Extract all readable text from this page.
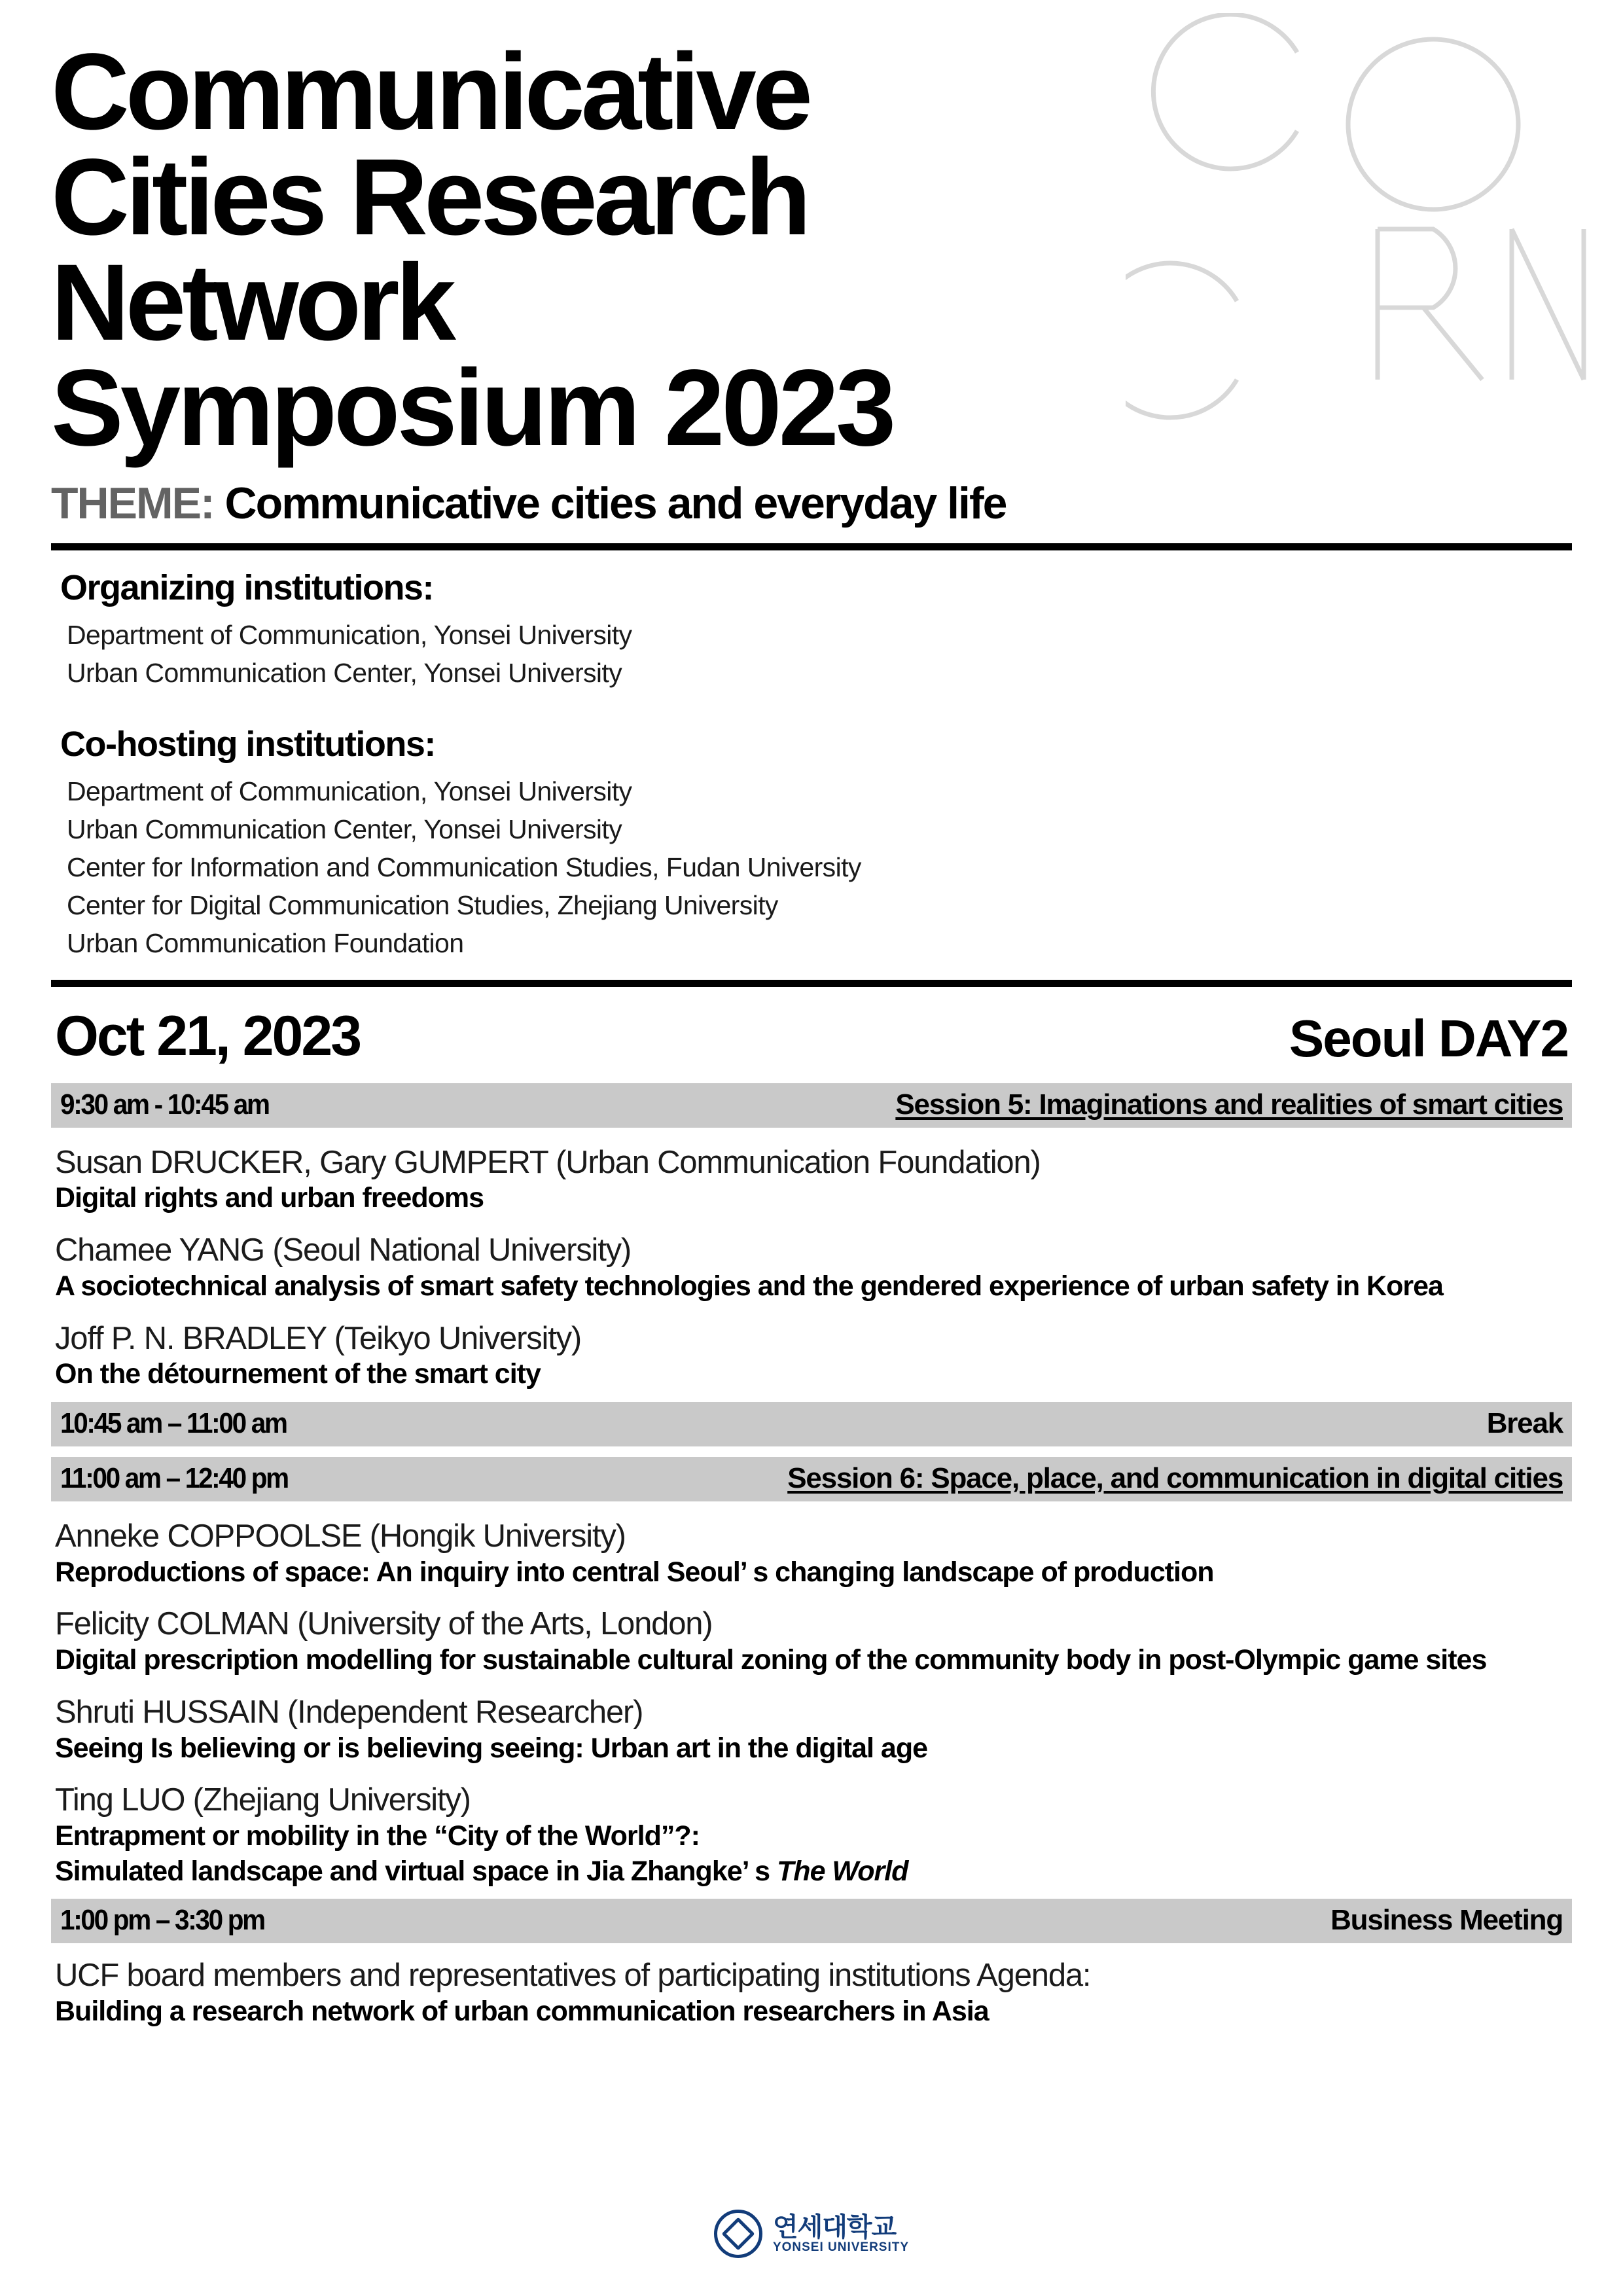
Communicative
Cities Research
Network
Symposium 2023
THEME: Communicative cities and everyday life
Organizing institutions:
Department of Communication, Yonsei University
Urban Communication Center, Yonsei University
Co-hosting institutions:
Department of Communication, Yonsei University
Urban Communication Center, Yonsei University
Center for Information and Communication Studies, Fudan University
Center for Digital Communication Studies, Zhejiang University
Urban Communication Foundation
Oct 21, 2023	Seoul DAY2
9:30 am - 10:45 am	Session 5: Imaginations and realities of smart cities
Susan DRUCKER, Gary GUMPERT (Urban Communication Foundation)
Digital rights and urban freedoms
Chamee YANG (Seoul National University)
A sociotechnical analysis of smart safety technologies and the gendered experience of urban safety in Korea
Joff P. N. BRADLEY (Teikyo University)
On the détournement of the smart city
10:45 am – 11:00 am	Break
11:00 am – 12:40 pm	Session 6: Space, place, and communication in digital cities
Anneke COPPOOLSE (Hongik University)
Reproductions of space: An inquiry into central Seoul’ s changing landscape of production
Felicity COLMAN (University of the Arts, London)
Digital prescription modelling for sustainable cultural zoning of the community body in post-Olympic game sites
Shruti HUSSAIN (Independent Researcher)
Seeing Is believing or is believing seeing: Urban art in the digital age
Ting LUO (Zhejiang University)
Entrapment or mobility in the “City of the World”?:
Simulated landscape and virtual space in Jia Zhangke’ s The World
1:00 pm – 3:30 pm	Business Meeting
UCF board members and representatives of participating institutions Agenda:
Building a research network of urban communication researchers in Asia
연세대학교
YONSEI UNIVERSITY
